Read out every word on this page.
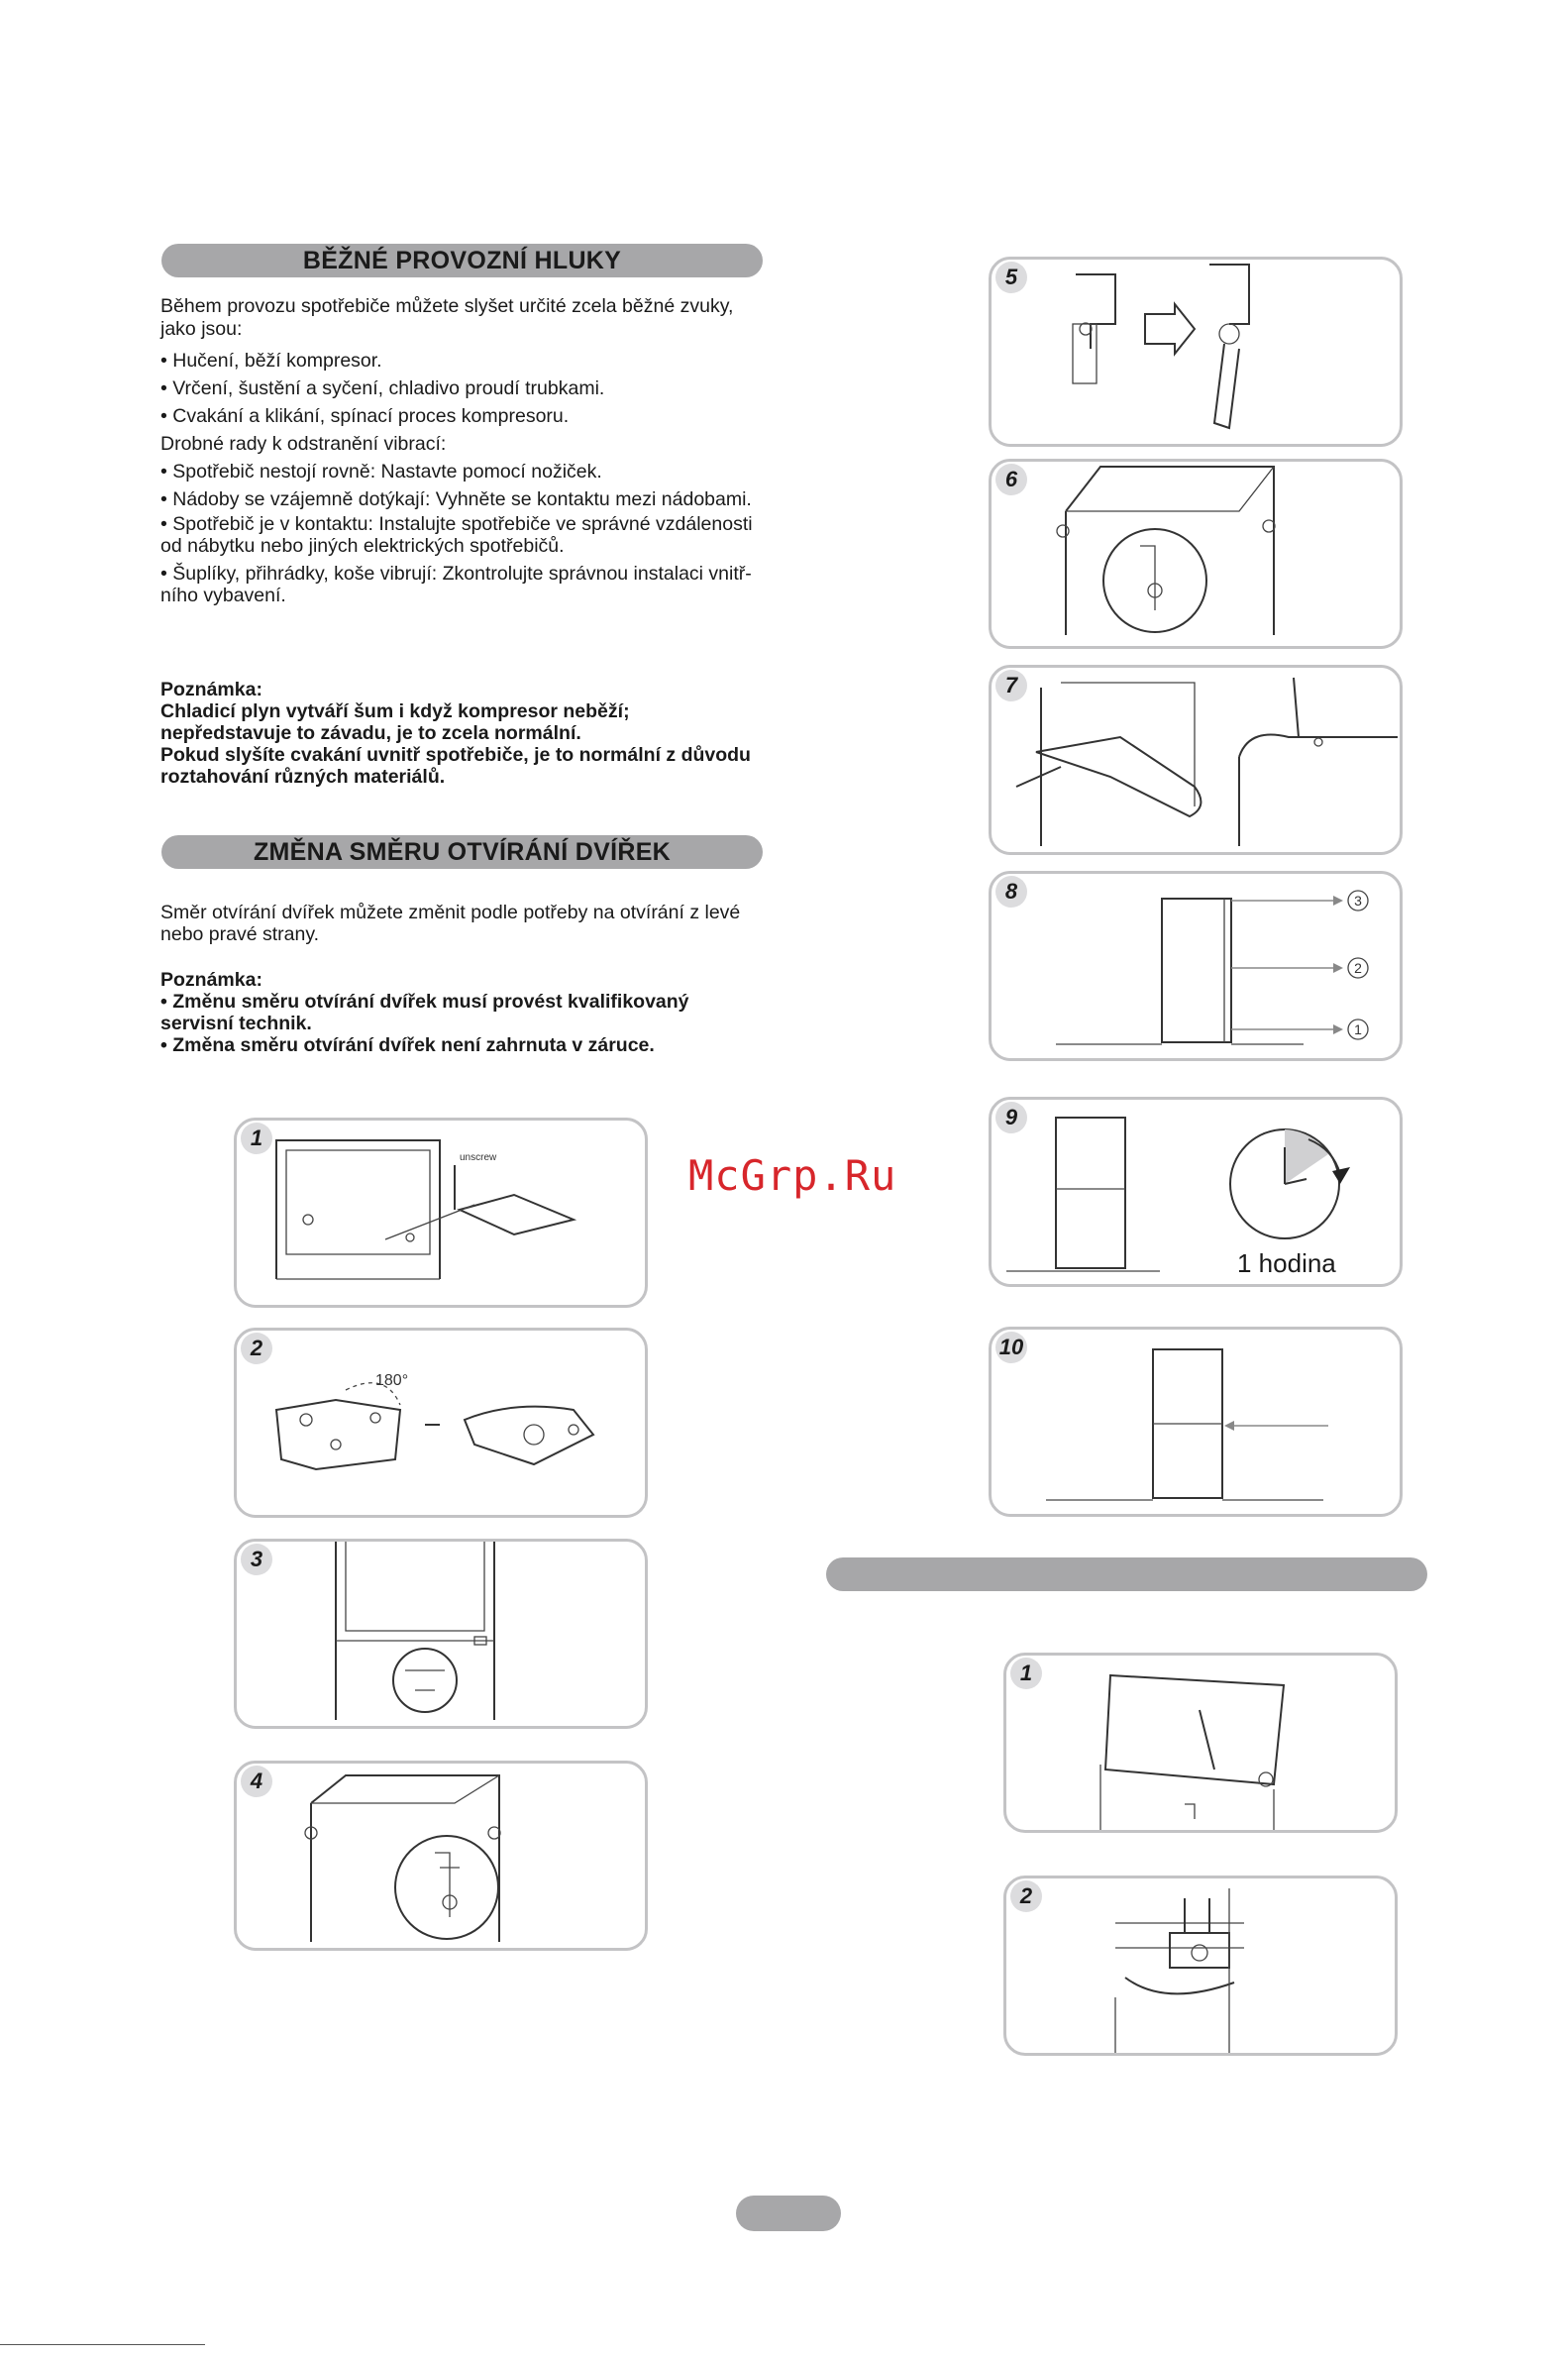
BĚŽNÉ PROVOZNÍ HLUKY

Během provozu spotřebiče můžete slyšet určité zcela běžné zvuky, jako jsou:

• Hučení, běží kompresor.

• Vrčení, šustění a syčení, chladivo proudí trubkami.

• Cvakání a klikání, spínací proces kompresoru.

Drobné rady k odstranění vibrací:

• Spotřebič nestojí rovně: Nastavte pomocí nožiček.

• Nádoby se vzájemně dotýkají: Vyhněte se kontaktu mezi nádobami.

• Spotřebič je v kontaktu: Instalujte spotřebiče ve správné vzdálenosti od nábytku nebo jiných elektrických spotřebičů.

• Šuplíky, přihrádky, koše vibrují: Zkontrolujte správnou instalaci vnitř-ního vybavení.

Poznámka:

Chladicí plyn vytváří šum i když kompresor neběží; nepředstavuje to závadu, je to zcela normální.

Pokud slyšíte cvakání uvnitř spotřebiče, je to normální z důvodu roztahování různých materiálů.

ZMĚNA SMĚRU OTVÍRÁNÍ DVÍŘEK

Směr otvírání dvířek můžete změnit podle potřeby na otvírání z levé nebo pravé strany.

Poznámka:

• Změnu směru otvírání dvířek musí provést kvalifikovaný servisní technik.

• Změna směru otvírání dvířek není zahrnuta v záruce.

unscrew
1
180°
2
3
4
5
6
7
3
2
1
8
9
1 hodina
10
1
2
McGrp.Ru
